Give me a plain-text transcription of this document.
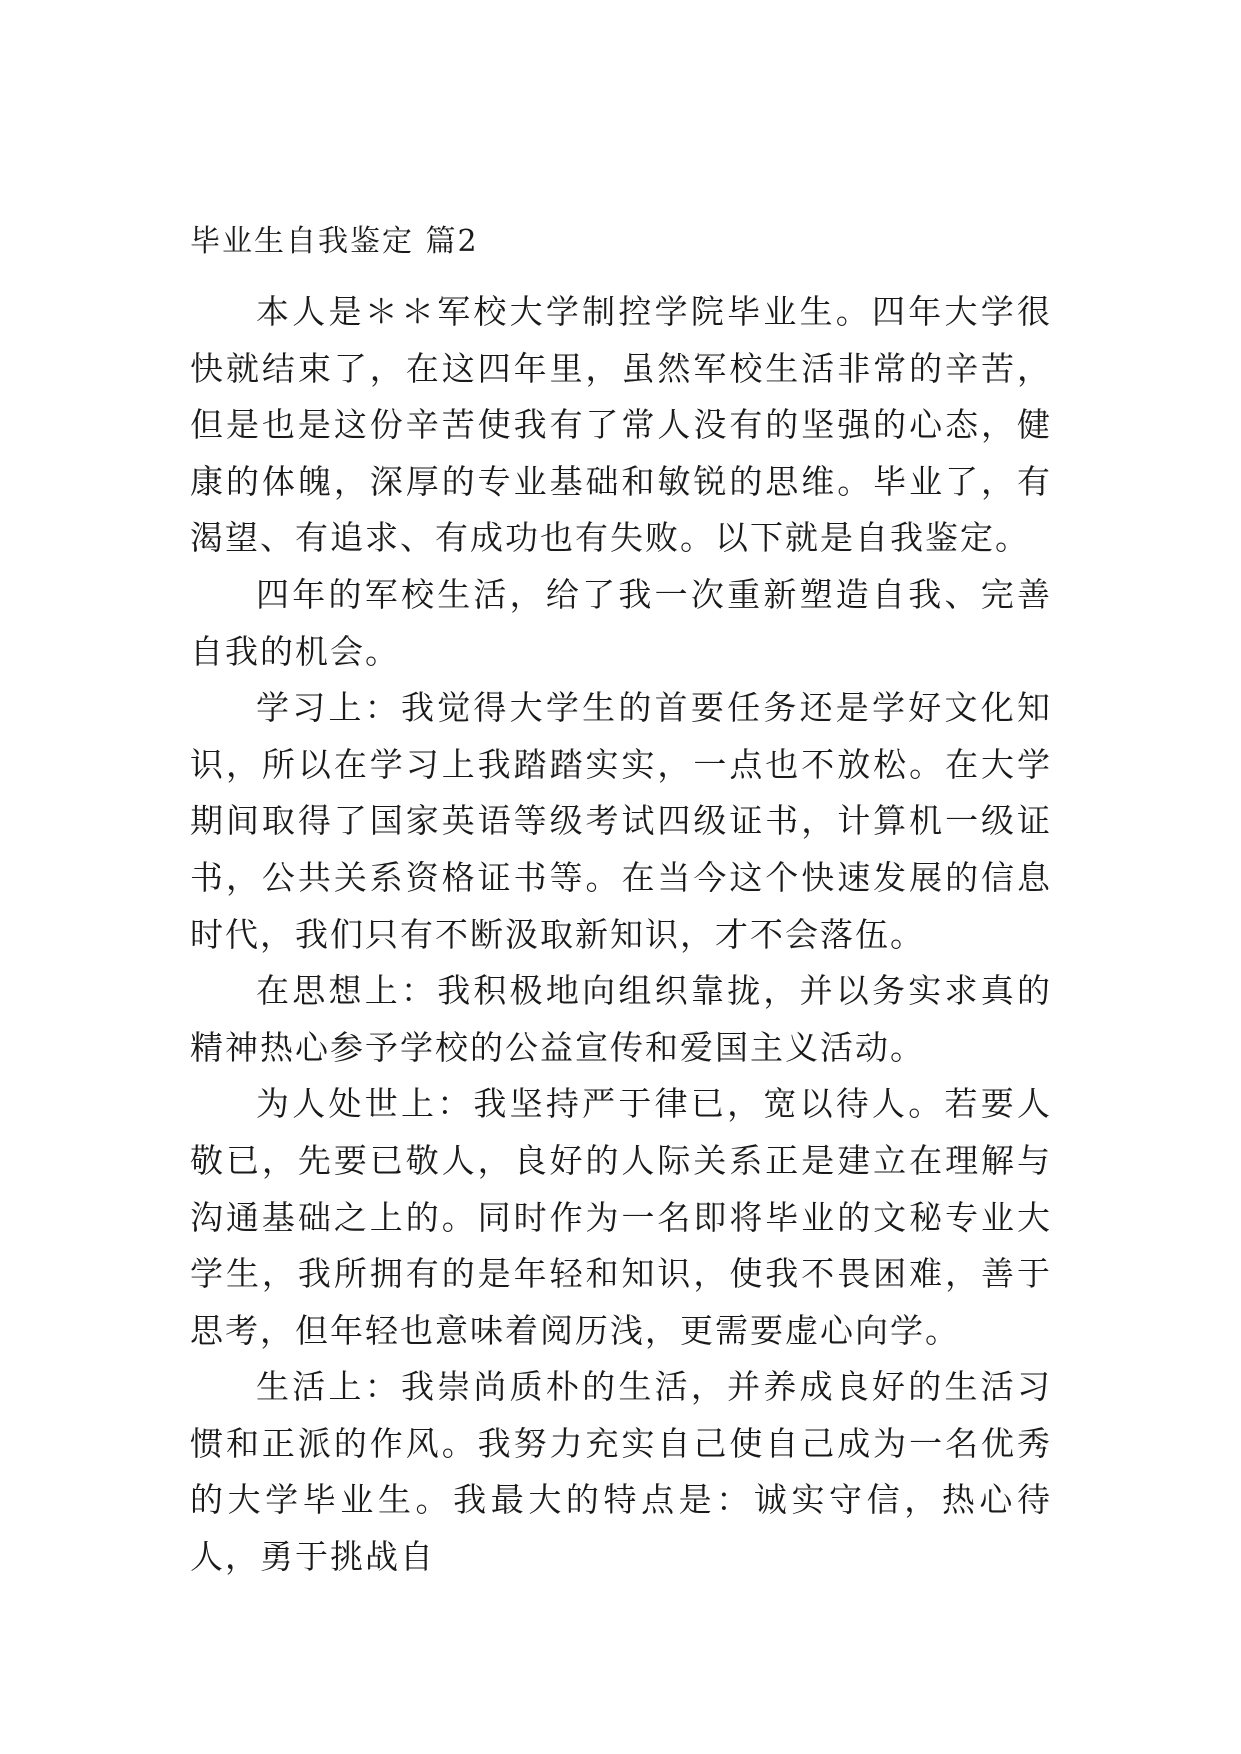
毕业生自我鉴定 篇2

本人是＊＊军校大学制控学院毕业生。四年大学很快就结束了，在这四年里，虽然军校生活非常的辛苦，但是也是这份辛苦使我有了常人没有的坚强的心态，健康的体魄，深厚的专业基础和敏锐的思维。毕业了，有渴望、有追求、有成功也有失败。以下就是自我鉴定。

四年的军校生活，给了我一次重新塑造自我、完善自我的机会。

学习上：我觉得大学生的首要任务还是学好文化知识，所以在学习上我踏踏实实，一点也不放松。在大学期间取得了国家英语等级考试四级证书，计算机一级证书，公共关系资格证书等。在当今这个快速发展的信息时代，我们只有不断汲取新知识，才不会落伍。

在思想上：我积极地向组织靠拢，并以务实求真的精神热心参予学校的公益宣传和爱国主义活动。

为人处世上：我坚持严于律已，宽以待人。若要人敬已，先要已敬人，良好的人际关系正是建立在理解与沟通基础之上的。同时作为一名即将毕业的文秘专业大学生，我所拥有的是年轻和知识，使我不畏困难，善于思考，但年轻也意味着阅历浅，更需要虚心向学。

生活上：我崇尚质朴的生活，并养成良好的生活习惯和正派的作风。我努力充实自己使自己成为一名优秀的大学毕业生。我最大的特点是：诚实守信，热心待人，勇于挑战自
